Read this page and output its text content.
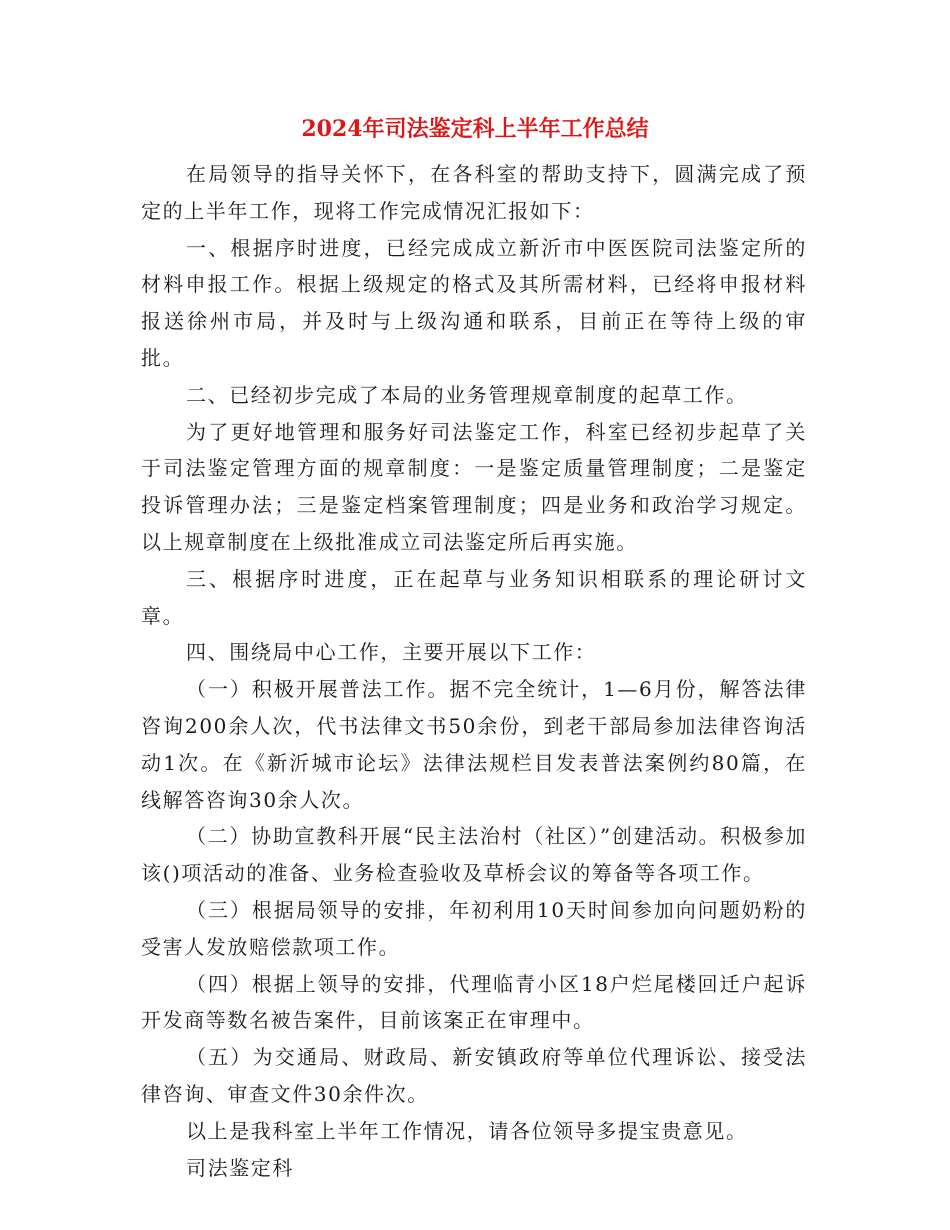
2024年司法鉴定科上半年工作总结

在局领导的指导关怀下，在各科室的帮助支持下，圆满完成了预定的上半年工作，现将工作完成情况汇报如下：

一、根据序时进度，已经完成成立新沂市中医医院司法鉴定所的材料申报工作。根据上级规定的格式及其所需材料，已经将申报材料报送徐州市局，并及时与上级沟通和联系，目前正在等待上级的审批。

二、已经初步完成了本局的业务管理规章制度的起草工作。

为了更好地管理和服务好司法鉴定工作，科室已经初步起草了关于司法鉴定管理方面的规章制度：一是鉴定质量管理制度；二是鉴定投诉管理办法；三是鉴定档案管理制度；四是业务和政治学习规定。以上规章制度在上级批准成立司法鉴定所后再实施。

三、根据序时进度，正在起草与业务知识相联系的理论研讨文章。

四、围绕局中心工作，主要开展以下工作：

（一）积极开展普法工作。据不完全统计，1—6月份，解答法律咨询200余人次，代书法律文书50余份，到老干部局参加法律咨询活动1次。在《新沂城市论坛》法律法规栏目发表普法案例约80篇，在线解答咨询30余人次。

（二）协助宣教科开展“民主法治村（社区）”创建活动。积极参加该()项活动的准备、业务检查验收及草桥会议的筹备等各项工作。

（三）根据局领导的安排，年初利用10天时间参加向问题奶粉的受害人发放赔偿款项工作。

（四）根据上领导的安排，代理临青小区18户烂尾楼回迁户起诉开发商等数名被告案件，目前该案正在审理中。

（五）为交通局、财政局、新安镇政府等单位代理诉讼、接受法律咨询、审查文件30余件次。

以上是我科室上半年工作情况，请各位领导多提宝贵意见。

司法鉴定科
